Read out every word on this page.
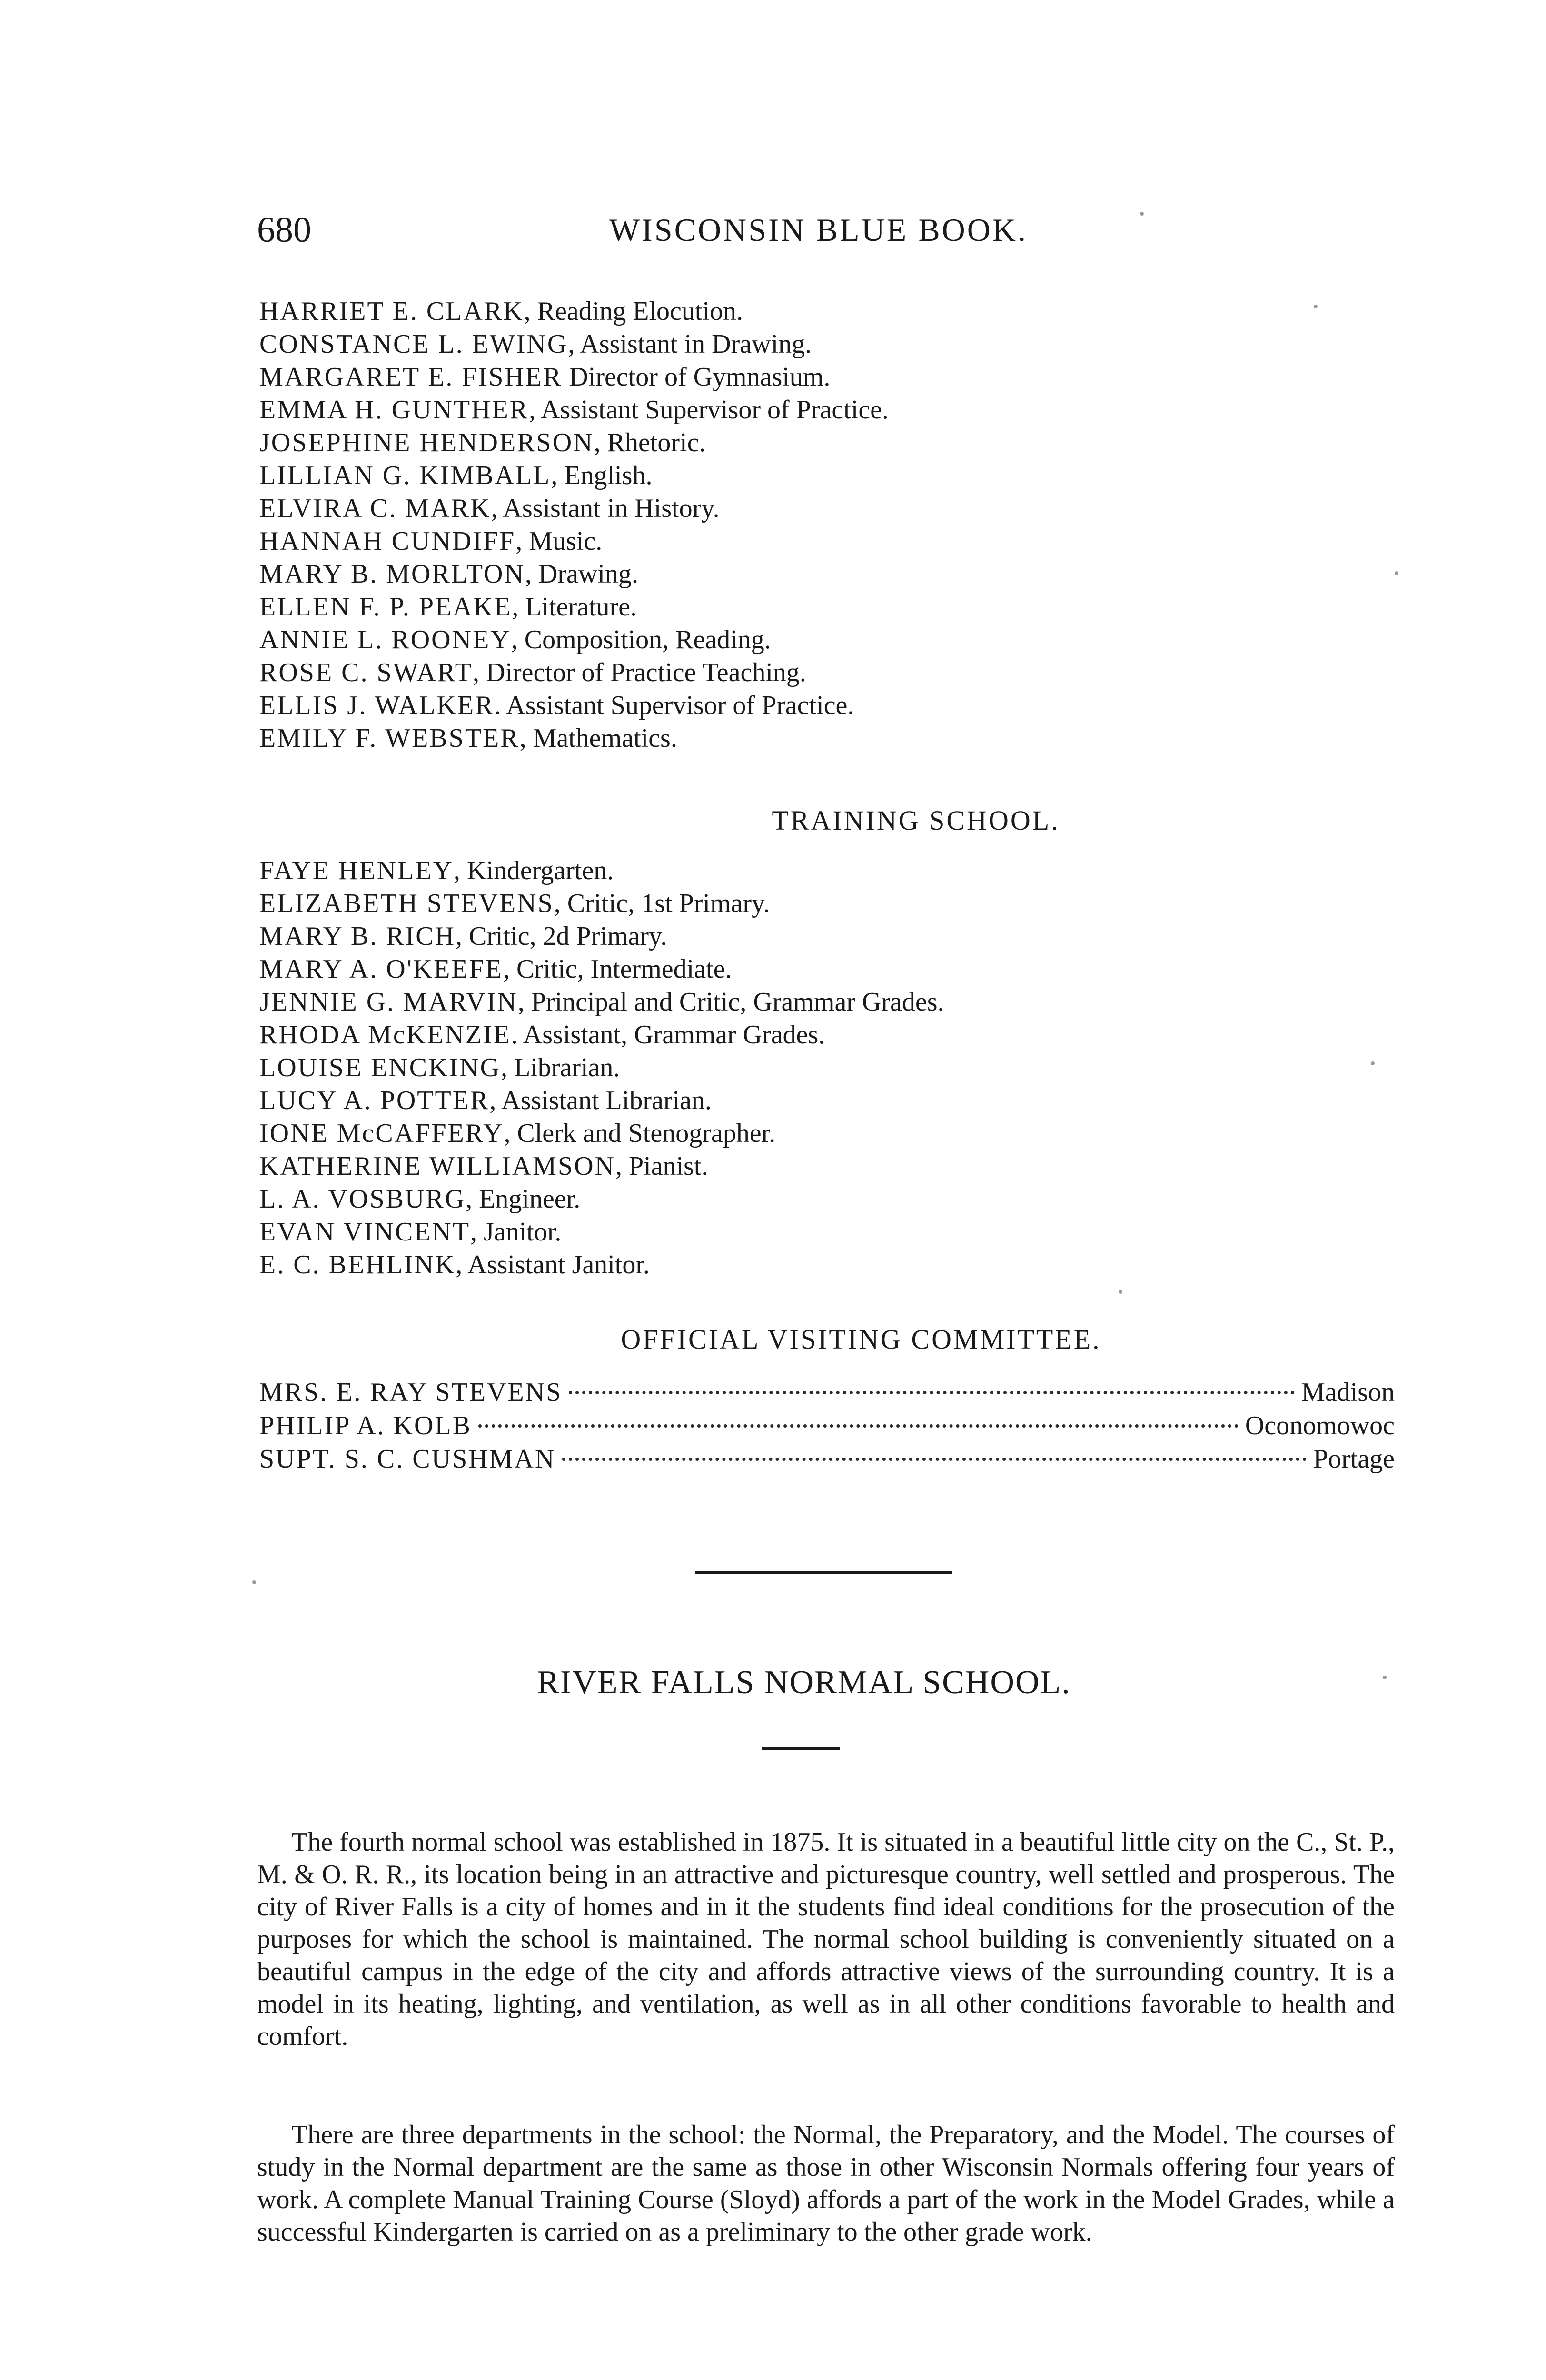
680	WISCONSIN BLUE BOOK.
HARRIET E. CLARK, Reading Elocution.
CONSTANCE L. EWING, Assistant in Drawing.
MARGARET E. FISHER Director of Gymnasium.
EMMA H. GUNTHER, Assistant Supervisor of Practice.
JOSEPHINE HENDERSON, Rhetoric.
LILLIAN G. KIMBALL, English.
ELVIRA C. MARK, Assistant in History.
HANNAH CUNDIFF, Music.
MARY B. MORLTON, Drawing.
ELLEN F. P. PEAKE, Literature.
ANNIE L. ROONEY, Composition, Reading.
ROSE C. SWART, Director of Practice Teaching.
ELLIS J. WALKER. Assistant Supervisor of Practice.
EMILY F. WEBSTER, Mathematics.
TRAINING SCHOOL.
FAYE HENLEY, Kindergarten.
ELIZABETH STEVENS, Critic, 1st Primary.
MARY B. RICH, Critic, 2d Primary.
MARY A. O'KEEFE, Critic, Intermediate.
JENNIE G. MARVIN, Principal and Critic, Grammar Grades.
RHODA McKENZIE. Assistant, Grammar Grades.
LOUISE ENCKING, Librarian.
LUCY A. POTTER, Assistant Librarian.
IONE McCAFFERY, Clerk and Stenographer.
KATHERINE WILLIAMSON, Pianist.
L. A. VOSBURG, Engineer.
EVAN VINCENT, Janitor.
E. C. BEHLINK, Assistant Janitor.
OFFICIAL VISITING COMMITTEE.
MRS. E. RAY STEVENS	Madison
PHILIP A. KOLB	Oconomowoc
SUPT. S. C. CUSHMAN	Portage
RIVER FALLS NORMAL SCHOOL.

The fourth normal school was established in 1875. It is situated in a beautiful little city on the C., St. P., M. & O. R. R., its location being in an attractive and picturesque country, well settled and prosperous. The city of River Falls is a city of homes and in it the students find ideal conditions for the prosecution of the purposes for which the school is maintained. The normal school building is conveniently situated on a beautiful campus in the edge of the city and affords attractive views of the surrounding country. It is a model in its heating, lighting, and ventilation, as well as in all other conditions favorable to health and comfort.

There are three departments in the school: the Normal, the Preparatory, and the Model. The courses of study in the Normal department are the same as those in other Wisconsin Normals offering four years of work. A complete Manual Training Course (Sloyd) affords a part of the work in the Model Grades, while a successful Kindergarten is carried on as a preliminary to the other grade work.
